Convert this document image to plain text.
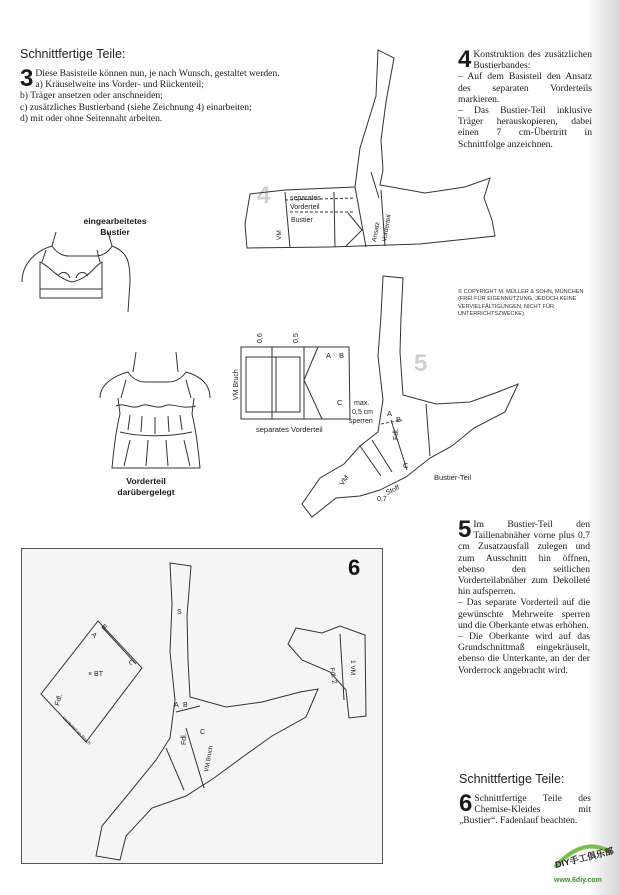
Schnittfertige Teile:
3 Diese Basisteile können nun, je nach Wunsch, gestaltet werden.

a) Kräuselweite ins Vorder- und Rückenteil;

b) Träger ansetzen oder anschneiden;

c) zusätzliches Bustierband (siehe Zeichnung 4) einarbeiten;

d) mit oder ohne Seitennaht arbeiten.

4 Konstruktion des zusätzlichen Bustierbandes:

– Auf dem Basisteil den Ansatz des separaten Vorderteils markieren.

– Das Bustier-Teil inklusive Träger herauskopieren, dabei einen 7 cm-Übertritt in Schnittfolge anzeichnen.

© COPYRIGHT M. MÜLLER & SOHN, MÜNCHEN (FREI FÜR EIGENNUTZUNG, JEDOCH KEINE VERVIELFÄLTIGUNGEN, NICHT FÜR UNTERRICHTSZWECKE).
4	separates
Vorderteil
Bustier
VM	Ansatz Vorderteil
eingearbeitetes
Bustier
Vorderteil
darübergelegt
5
0,6	0,5
VM Bruch
A B
C
separates Vorderteil
max.
0,5 cm
sperren
A
B
Fdl.
C
VM	Bustier-Teil
Stoff
0,7
5 Im Bustier-Teil den Taillenabnäher vorne plus 0,7 cm Zusatzausfall zulegen und zum Ausschnitt hin öffnen, ebenso den seitlichen Vorderteilabnäher zum Dekolleté hin aufsperren.

– Das separate Vorderteil auf die gewünschte Mehrweite sperren und die Oberkante etwas erhöhen.

– Die Oberkante wird auf das Grundschnittmaß eingekräuselt, ebenso die Unterkante, an der der Vorderrock angebracht wird.

6
S
A
B
C
× BT
Fdl.
Vorderteil an Bruch
A B
Fdl.
C
VM Bruch
Fdl. 2 1 VM
Schnittfertige Teile:
6 Schnittfertige Teile des Chemise-Kleides mit „Bustier“. Fadenlauf beachten.

DIY手工俱乐部
www.6diy.com
